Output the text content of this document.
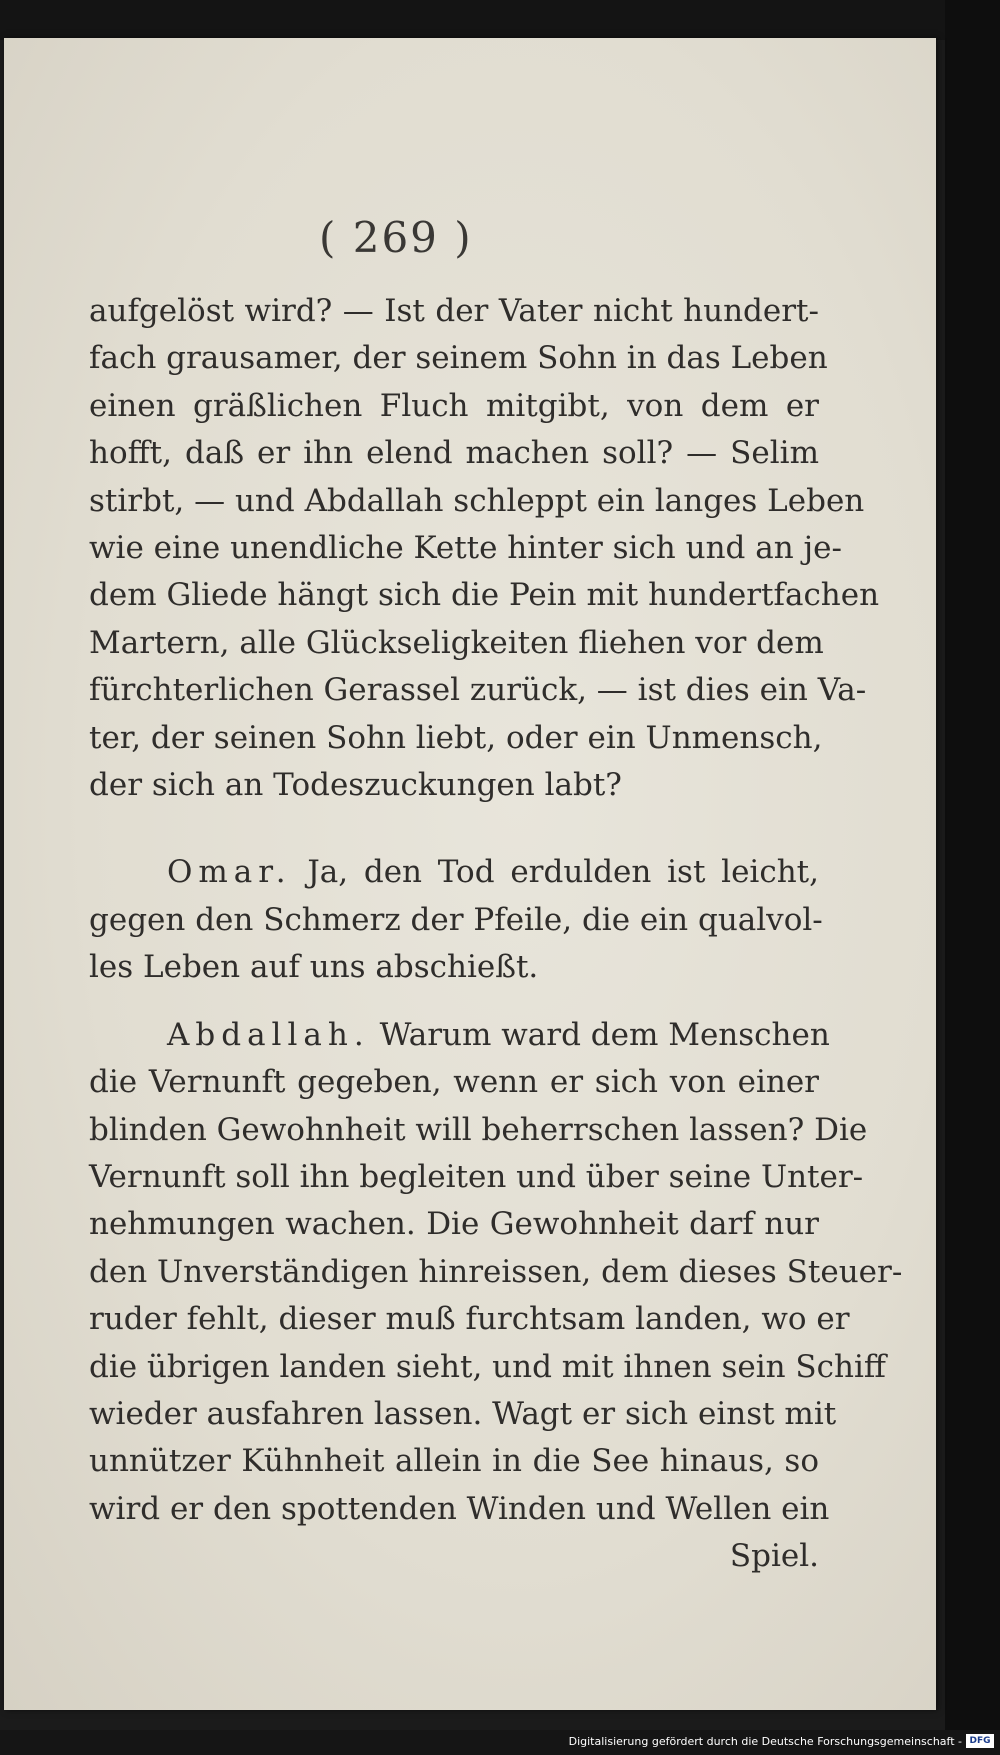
( 269 )
aufgelöst wird? — Ist der Vater nicht hundert-
fach grausamer, der seinem Sohn in das Leben
einen gräßlichen Fluch mitgibt, von dem er
hofft, daß er ihn elend machen soll? — Selim
stirbt, — und Abdallah schleppt ein langes Leben
wie eine unendliche Kette hinter sich und an je-
dem Gliede hängt sich die Pein mit hundertfachen
Martern, alle Glückseligkeiten fliehen vor dem
fürchterlichen Gerassel zurück, — ist dies ein Va-
ter, der seinen Sohn liebt, oder ein Unmensch,
der sich an Todeszuckungen labt?
Omar. Ja, den Tod erdulden ist leicht,
gegen den Schmerz der Pfeile, die ein qualvol-
les Leben auf uns abschießt.
Abdallah. Warum ward dem Menschen
die Vernunft gegeben, wenn er sich von einer
blinden Gewohnheit will beherrschen lassen? Die
Vernunft soll ihn begleiten und über seine Unter-
nehmungen wachen. Die Gewohnheit darf nur
den Unverständigen hinreissen, dem dieses Steuer-
ruder fehlt, dieser muß furchtsam landen, wo er
die übrigen landen sieht, und mit ihnen sein Schiff
wieder ausfahren lassen. Wagt er sich einst mit
unnützer Kühnheit allein in die See hinaus, so
wird er den spottenden Winden und Wellen ein
Spiel.
Digitalisierung gefördert durch die Deutsche Forschungsgemeinschaft - DFG
